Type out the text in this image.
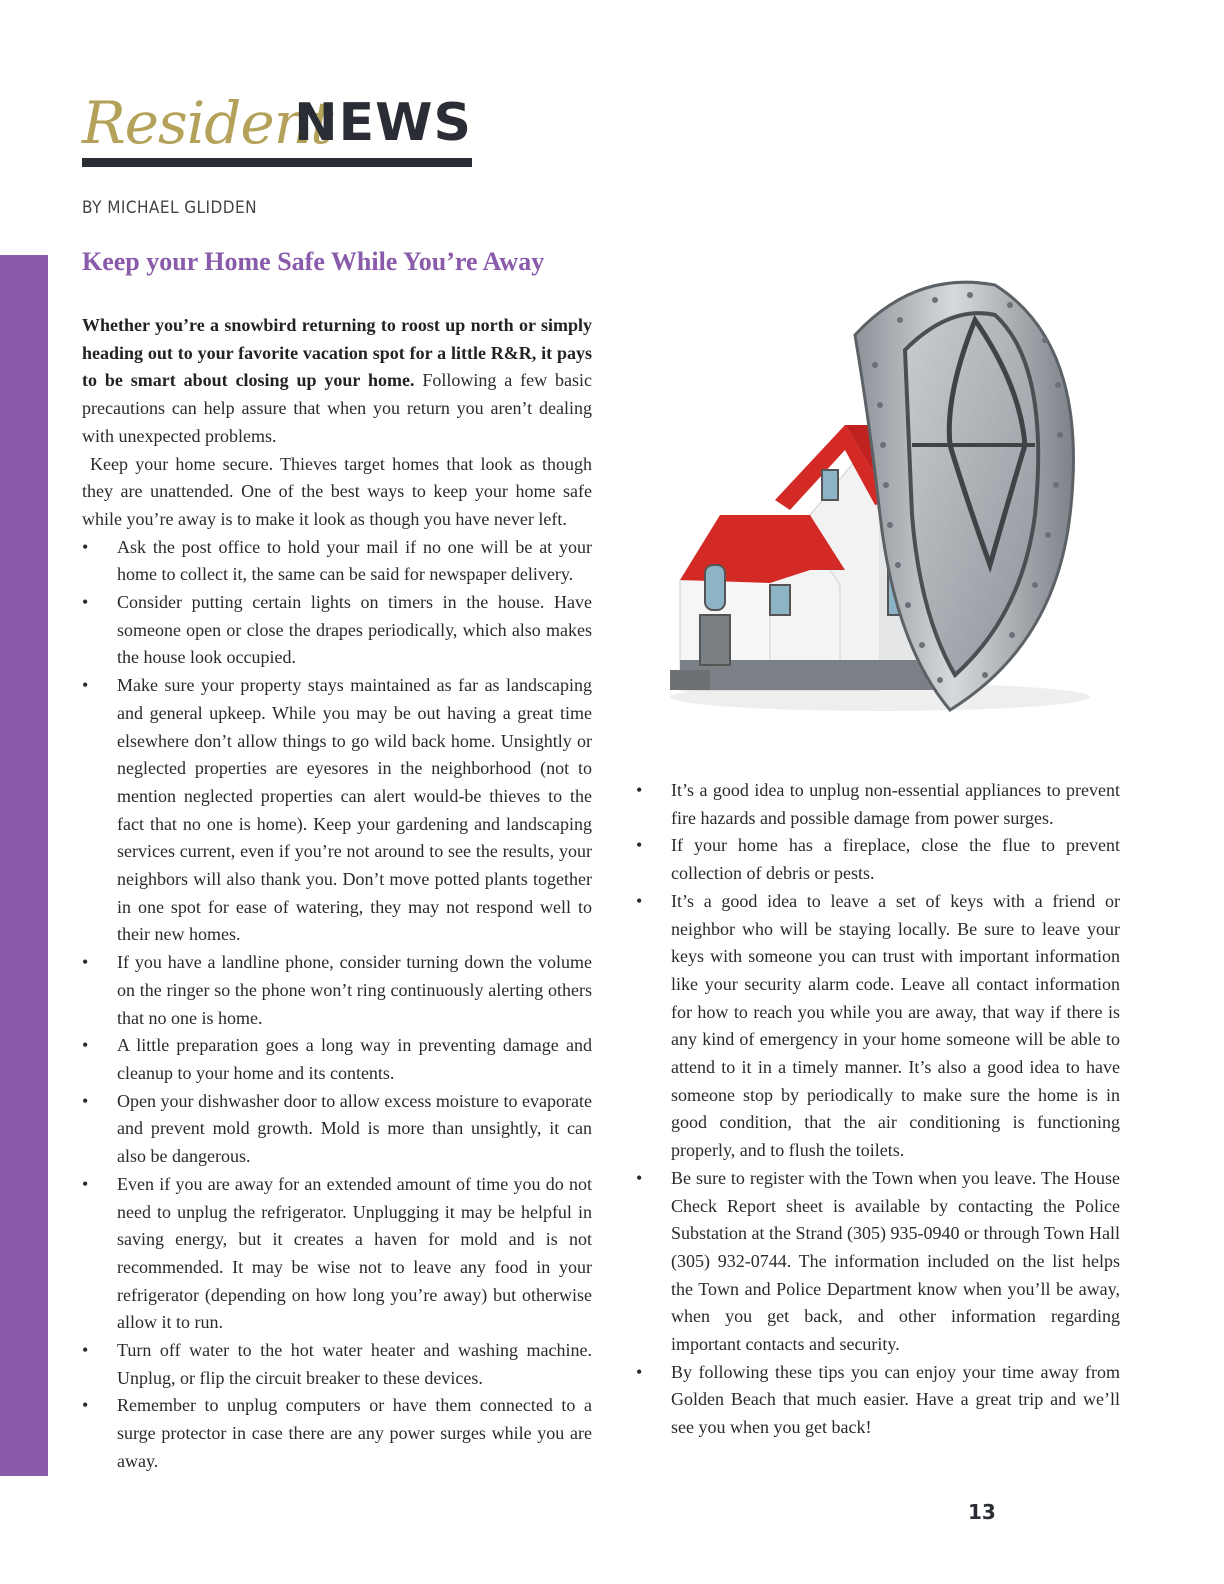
Resident
NEWS
BY MICHAEL GLIDDEN
Keep your Home Safe While You’re Away

Whether you’re a snowbird returning to roost up north or simply heading out to your favorite vacation spot for a little R&R, it pays to be smart about closing up your home. Following a few basic precautions can help assure that when you return you aren’t dealing with unexpected problems.

Keep your home secure. Thieves target homes that look as though they are unattended. One of the best ways to keep your home safe while you’re away is to make it look as though you have never left.

• Ask the post office to hold your mail if no one will be at your home to collect it, the same can be said for newspaper delivery.
• Consider putting certain lights on timers in the house. Have someone open or close the drapes periodically, which also makes the house look occupied.
• Make sure your property stays maintained as far as landscaping and general upkeep. While you may be out having a great time elsewhere don’t allow things to go wild back home. Unsightly or neglected properties are eyesores in the neighborhood (not to mention neglected properties can alert would-be thieves to the fact that no one is home). Keep your gardening and landscaping services current, even if you’re not around to see the results, your neighbors will also thank you. Don’t move potted plants together in one spot for ease of watering, they may not respond well to their new homes.
• If you have a landline phone, consider turning down the volume on the ringer so the phone won’t ring continuously alerting others that no one is home.
• A little preparation goes a long way in preventing damage and cleanup to your home and its contents.
• Open your dishwasher door to allow excess moisture to evaporate and prevent mold growth. Mold is more than unsightly, it can also be dangerous.
• Even if you are away for an extended amount of time you do not need to unplug the refrigerator. Unplugging it may be helpful in saving energy, but it creates a haven for mold and is not recommended. It may be wise not to leave any food in your refrigerator (depending on how long you’re away) but otherwise allow it to run.
• Turn off water to the hot water heater and washing machine. Unplug, or flip the circuit breaker to these devices.
• Remember to unplug computers or have them connected to a surge protector in case there are any power surges while you are away.
• It’s a good idea to unplug non-essential appliances to prevent fire hazards and possible damage from power surges.
• If your home has a fireplace, close the flue to prevent collection of debris or pests.
• It’s a good idea to leave a set of keys with a friend or neighbor who will be staying locally. Be sure to leave your keys with someone you can trust with important information like your security alarm code. Leave all contact information for how to reach you while you are away, that way if there is any kind of emergency in your home someone will be able to attend to it in a timely manner. It’s also a good idea to have someone stop by periodically to make sure the home is in good condition, that the air conditioning is functioning properly, and to flush the toilets.
• Be sure to register with the Town when you leave. The House Check Report sheet is available by contacting the Police Substation at the Strand (305) 935-0940 or through Town Hall (305) 932-0744. The information included on the list helps the Town and Police Department know when you’ll be away, when you get back, and other information regarding important contacts and security.
• By following these tips you can enjoy your time away from Golden Beach that much easier. Have a great trip and we’ll see you when you get back!
13
